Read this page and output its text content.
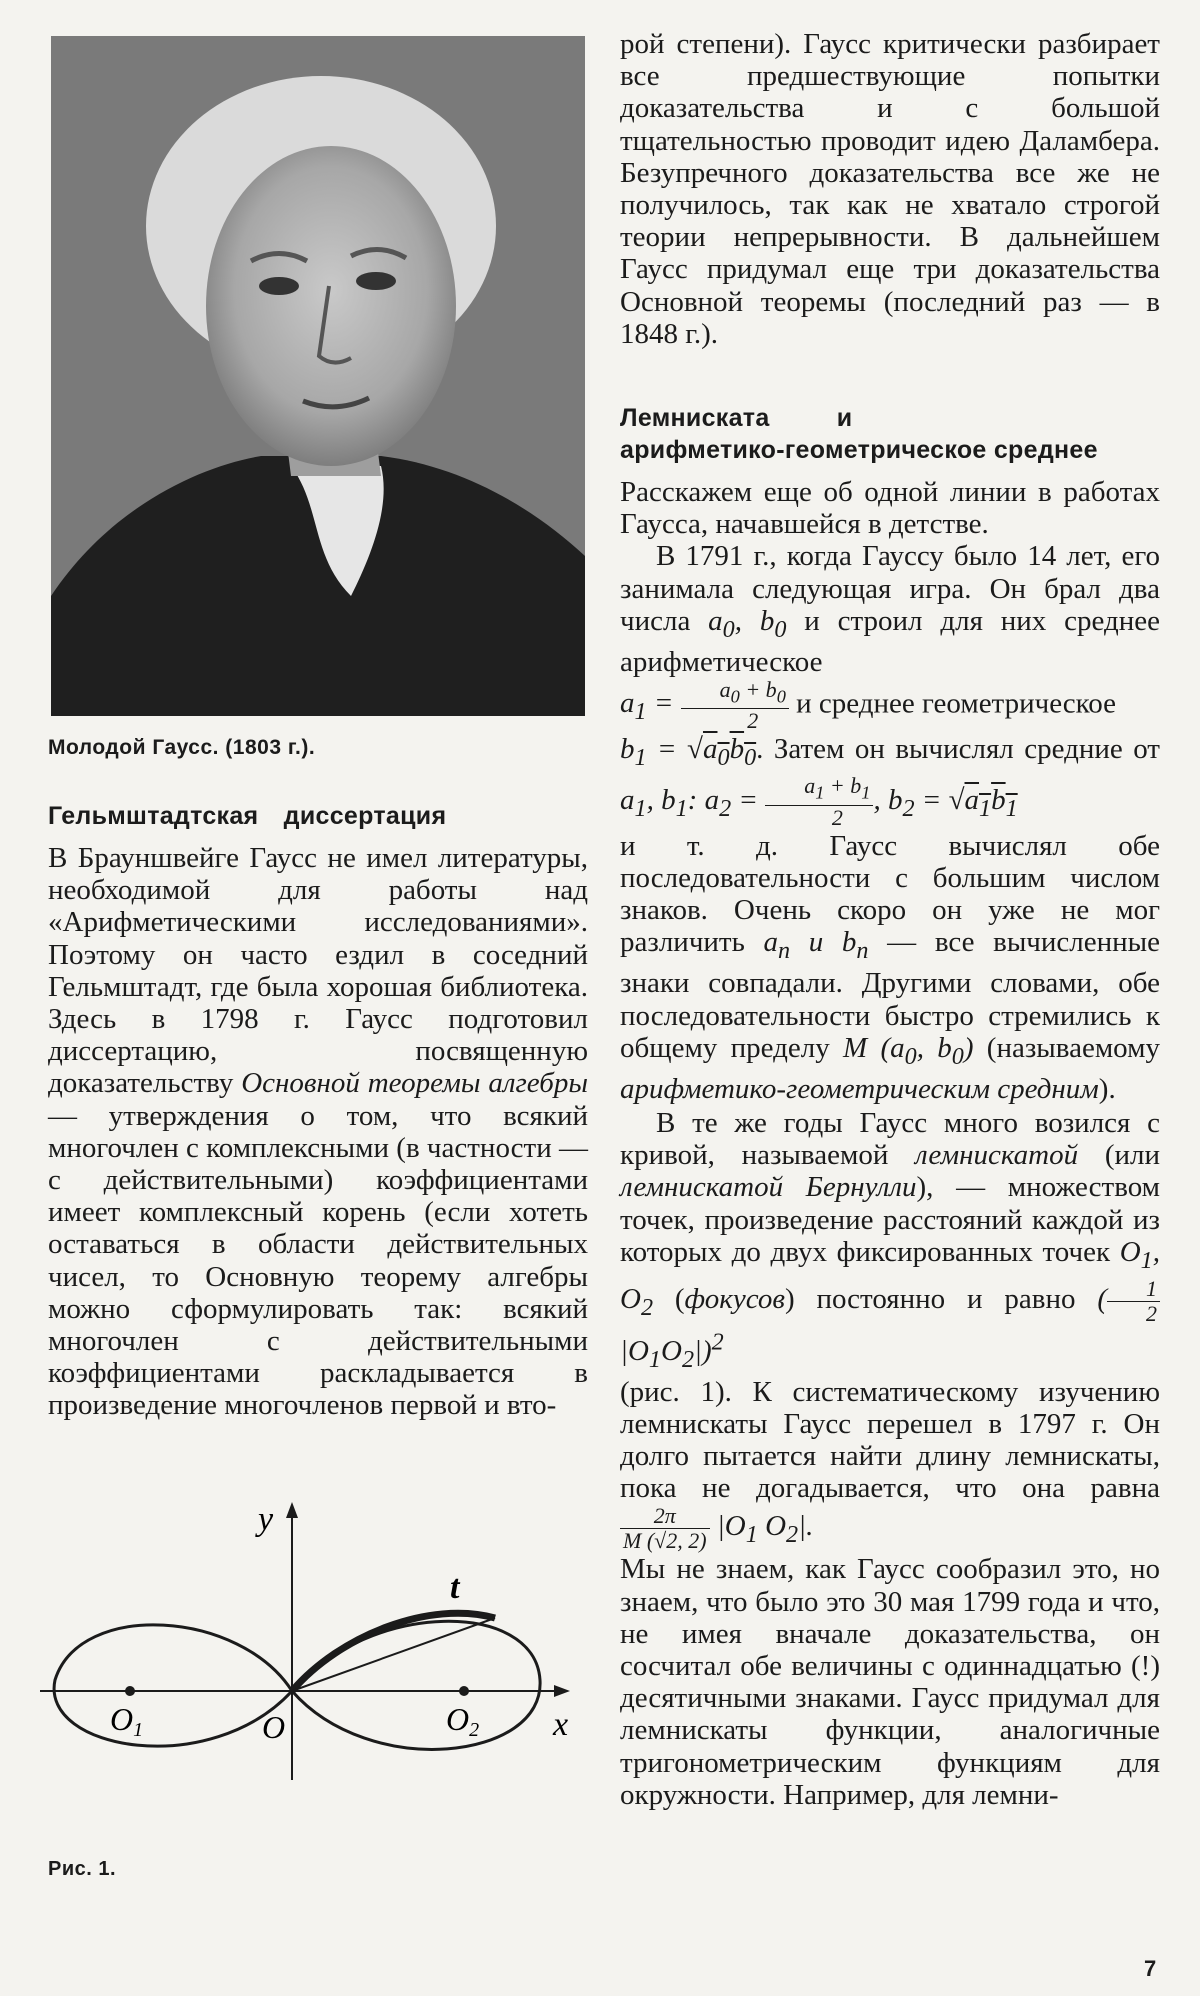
Молодой Гаусс. (1803 г.).
Гельмштадтская диссертация

В Брауншвейге Гаусс не имел литературы, необходимой для работы над «Арифметическими исследованиями». Поэтому он часто ездил в соседний Гельмштадт, где была хорошая библиотека. Здесь в 1798 г. Гаусс подготовил диссертацию, посвященную доказательству Основной теоремы алгебры — утверждения о том, что всякий многочлен с комплексными (в частности — с действительными) коэффициентами имеет комплексный корень (если хотеть оставаться в области действительных чисел, то Основную теорему алгебры можно сформулировать так: всякий многочлен с действительными коэффициентами раскладывается в произведение многочленов первой и вто-

y
x
t
O
O1	O2
Рис. 1.

рой степени). Гаусс критически разбирает все предшествующие попытки доказательства и с большой тщательностью проводит идею Даламбера. Безупречного доказательства все же не получилось, так как не хватало строгой теории непрерывности. В дальнейшем Гаусс придумал еще три доказательства Основной теоремы (последний раз — в 1848 г.).

Лемниската и
арифметико-геометрическое среднее

Расскажем еще об одной линии в работах Гаусса, начавшейся в детстве.

В 1791 г., когда Гауссу было 14 лет, его занимала следующая игра. Он брал два числа $a_0$, $b_0$ и строил для них среднее арифметическое
$a_1 = \frac{a_0 + b_0}{2}$ и среднее геометрическое
$b_1 = √a_0b_0$. Затем он вычислял средние от $a_1$, $b_1$: $a_2 = \frac{a_1 + b_1}{2}$ , $b_2 = √a_1b_1$

и т. д. Гаусс вычислял обе последовательности с большим числом знаков. Очень скоро он уже не мог различить $a_n$ и $b_n$ — все вычисленные знаки совпадали. Другими словами, обе последовательности быстро стремились к общему пределу M ($a_0$, $b_0$) (называемому арифметико-геометрическим средним).

В те же годы Гаусс много возился с кривой, называемой лемнискатой (или лемнискатой Бернулли), — множеством точек, произведение расстояний каждой из которых до двух фиксированных точек $O_1$, $O_2$ (фокусов) постоянно и равно ( $\frac{1}{2}$
$|O_1O_2|)^2$

(рис. 1). К систематическому изучению лемнискаты Гаусс перешел в 1797 г. Он долго пытается найти длину лемнискаты, пока не догадывается, что она равна
$\frac{2\pi}{M (√2, 2)} |O_1$ $O_2|$.

Мы не знаем, как Гаусс сообразил это, но знаем, что было это 30 мая 1799 года и что, не имея вначале доказательства, он сосчитал обе величины с одиннадцатью (!) десятичными знаками. Гаусс придумал для лемнискаты функции, аналогичные тригонометрическим функциям для окружности. Например, для лемни-

7
